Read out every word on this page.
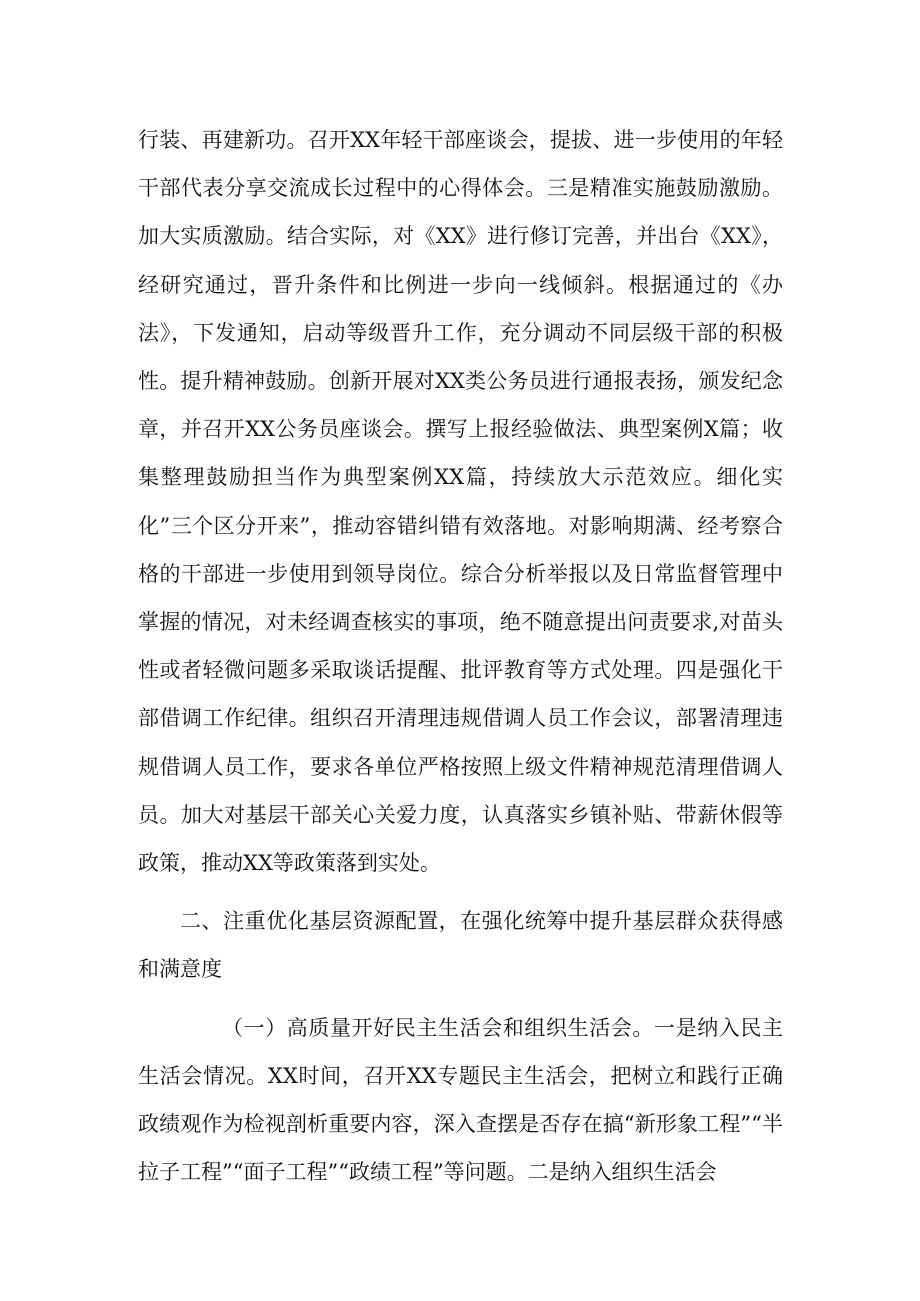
行装、再建新功。召开XX年轻干部座谈会，提拔、进一步使用的年轻干部代表分享交流成长过程中的心得体会。三是精准实施鼓励激励。加大实质激励。结合实际，对《XX》进行修订完善，并出台《XX》，经研究通过，晋升条件和比例进一步向一线倾斜。根据通过的《办法》，下发通知，启动等级晋升工作，充分调动不同层级干部的积极性。提升精神鼓励。创新开展对XX类公务员进行通报表扬，颁发纪念章，并召开XX公务员座谈会。撰写上报经验做法、典型案例X篇；收集整理鼓励担当作为典型案例XX篇，持续放大示范效应。细化实化”三个区分开来”，推动容错纠错有效落地。对影响期满、经考察合格的干部进一步使用到领导岗位。综合分析举报以及日常监督管理中掌握的情况，对未经调查核实的事项，绝不随意提出问责要求,对苗头性或者轻微问题多采取谈话提醒、批评教育等方式处理。四是强化干部借调工作纪律。组织召开清理违规借调人员工作会议，部署清理违规借调人员工作，要求各单位严格按照上级文件精神规范清理借调人员。加大对基层干部关心关爱力度，认真落实乡镇补贴、带薪休假等政策，推动XX等政策落到实处。

二、注重优化基层资源配置，在强化统筹中提升基层群众获得感和满意度

（一）高质量开好民主生活会和组织生活会。一是纳入民主生活会情况。XX时间，召开XX专题民主生活会，把树立和践行正确政绩观作为检视剖析重要内容，深入查摆是否存在搞“新形象工程”“半拉子工程”“面子工程”“政绩工程”等问题。二是纳入组织生活会
